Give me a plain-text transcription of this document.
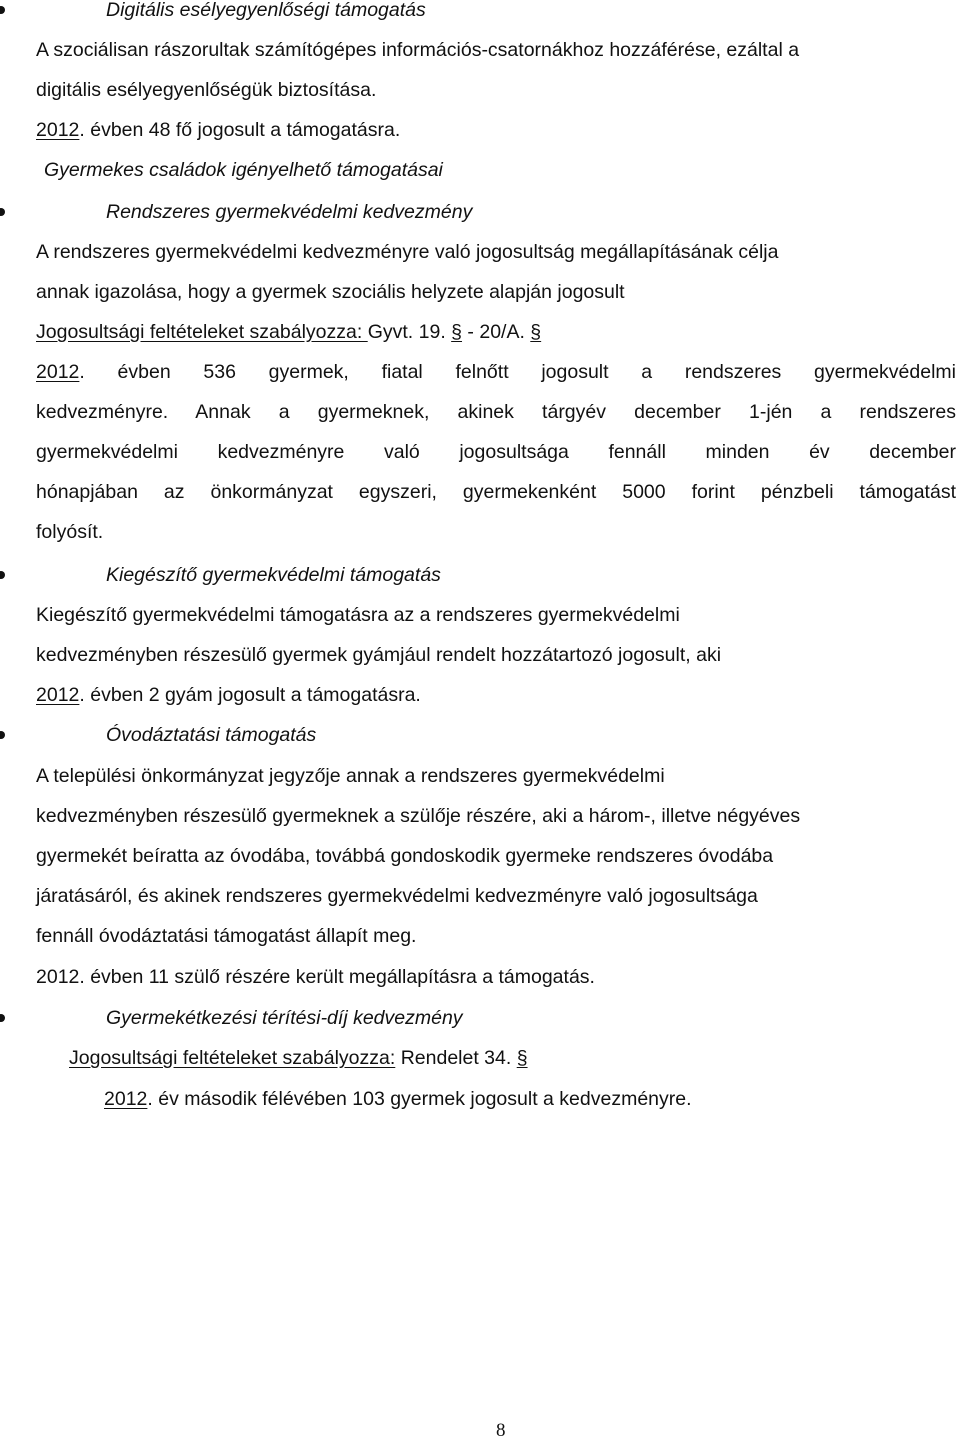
Digitális esélyegyenlőségi támogatás
A szociálisan rászorultak számítógépes információs-csatornákhoz hozzáférése, ezáltal a
digitális esélyegyenlőségük biztosítása.
2012. évben 48 fő jogosult a támogatásra.
Gyermekes családok igényelhető támogatásai
Rendszeres gyermekvédelmi kedvezmény
A rendszeres gyermekvédelmi kedvezményre való jogosultság megállapításának célja
annak igazolása, hogy a gyermek szociális helyzete alapján jogosult
Jogosultsági feltételeket szabályozza: Gyvt. 19. § - 20/A. §
2012. évben 536 gyermek, fiatal felnőtt jogosult a rendszeres gyermekvédelmi
kedvezményre. Annak a gyermeknek, akinek tárgyév december 1-jén a rendszeres
gyermekvédelmi kedvezményre való jogosultsága fennáll minden év december
hónapjában az önkormányzat egyszeri, gyermekenként 5000 forint pénzbeli támogatást
folyósít.
Kiegészítő gyermekvédelmi támogatás
Kiegészítő gyermekvédelmi támogatásra az a rendszeres gyermekvédelmi
kedvezményben részesülő gyermek gyámjául rendelt hozzátartozó jogosult, aki
2012. évben 2 gyám jogosult a támogatásra.
Óvodáztatási támogatás
A települési önkormányzat jegyzője annak a rendszeres gyermekvédelmi
kedvezményben részesülő gyermeknek a szülője részére, aki a három-, illetve négyéves
gyermekét beíratta az óvodába, továbbá gondoskodik gyermeke rendszeres óvodába
járatásáról, és akinek rendszeres gyermekvédelmi kedvezményre való jogosultsága
fennáll óvodáztatási támogatást állapít meg.
2012. évben 11 szülő részére került megállapításra a támogatás.
Gyermekétkezési térítési-díj kedvezmény
Jogosultsági feltételeket szabályozza: Rendelet 34. §
2012. év második félévében 103 gyermek jogosult a kedvezményre.
8
